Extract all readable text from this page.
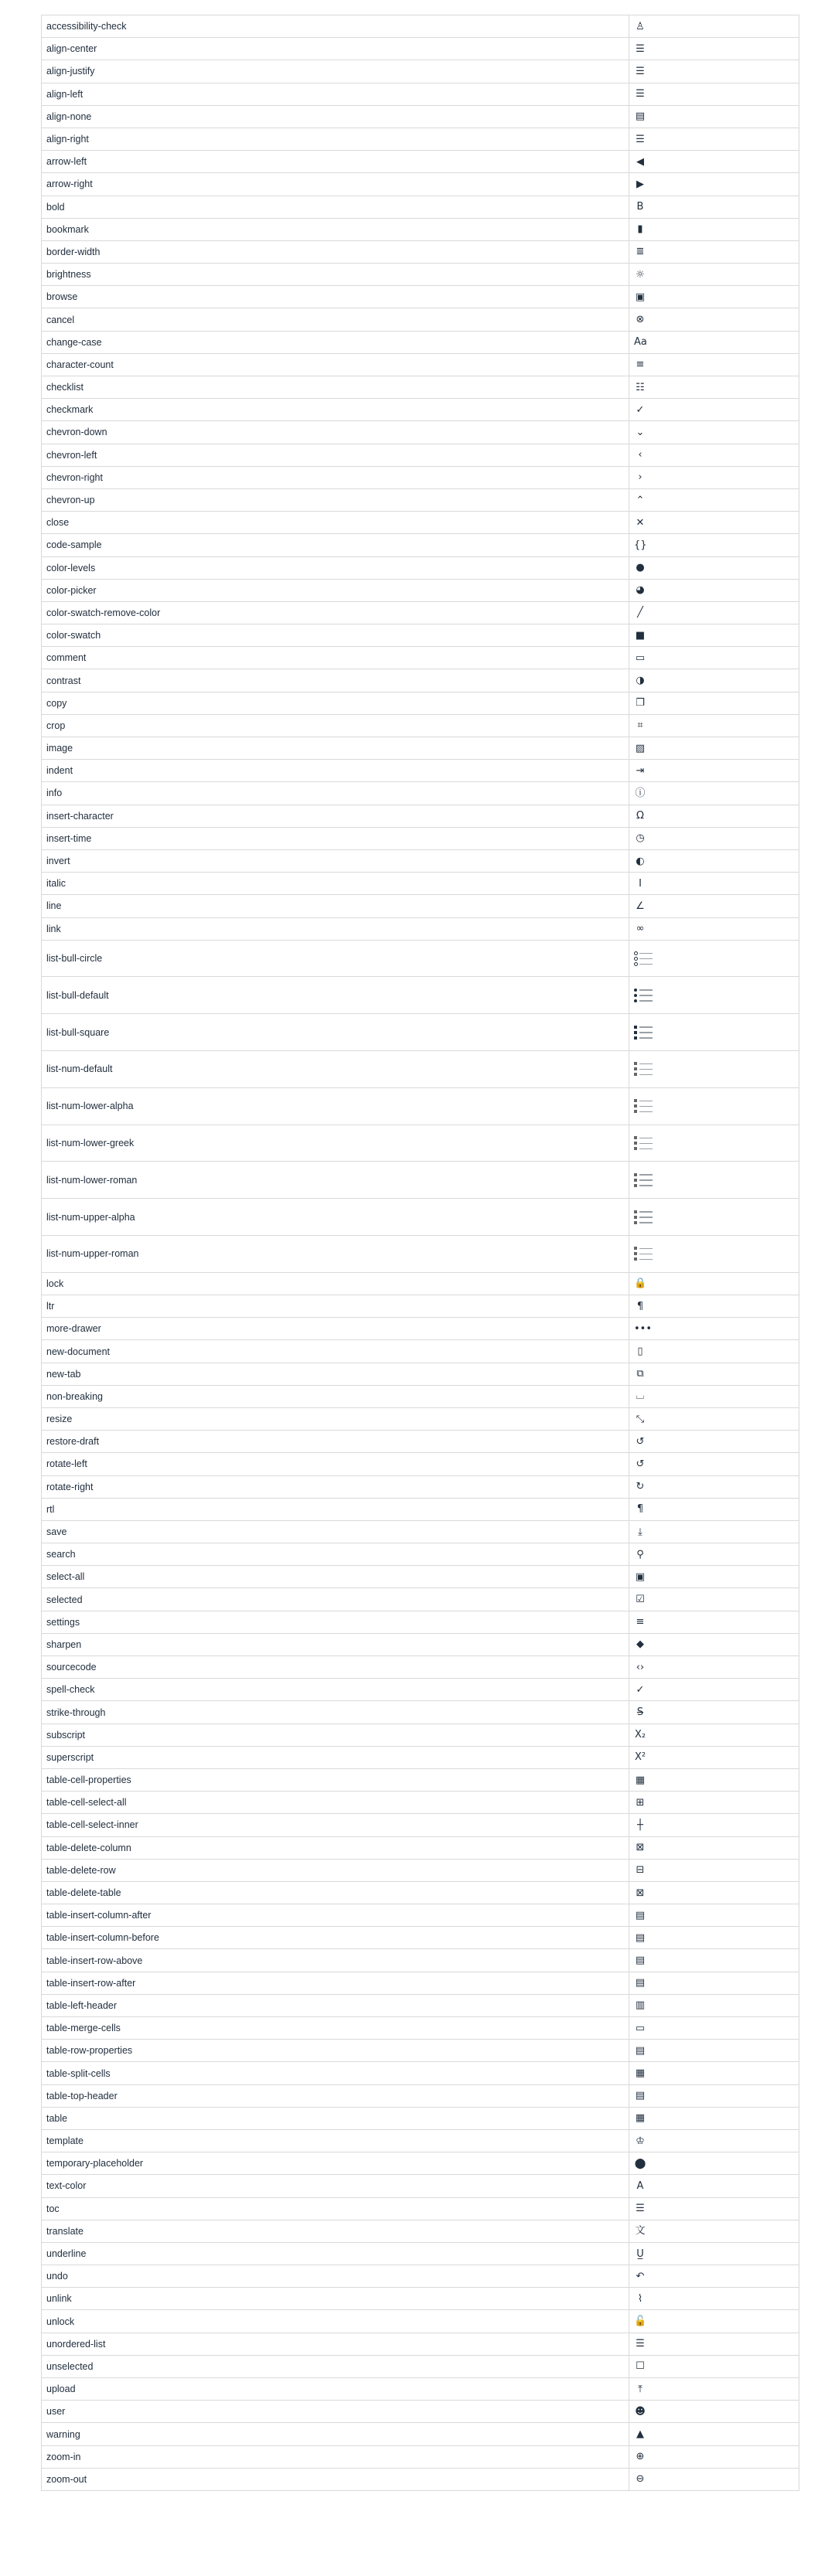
accessibility-check	♙
align-center	☰
align-justify	☰
align-left	☰
align-none	▤
align-right	☰
arrow-left	◀
arrow-right	▶
bold	B
bookmark	▮
border-width	≣
brightness	☼
browse	▣
cancel	⊗
change-case	Aa
character-count	≡
checklist	☷
checkmark	✓
chevron-down	⌄
chevron-left	‹
chevron-right	›
chevron-up	⌃
close	✕
code-sample	{}
color-levels	●
color-picker	◕
color-swatch-remove-color	╱
color-swatch	■
comment	▭
contrast	◑
copy	❐
crop	⌗
image	▨
indent	⇥
info	ⓘ
insert-character	Ω
insert-time	◷
invert	◐
italic	I
line	∠
link	∞
list-bull-circle	

list-bull-default	

list-bull-square	

list-num-default	

list-num-lower-alpha	

list-num-lower-greek	

list-num-lower-roman	

list-num-upper-alpha	

list-num-upper-roman	

lock	🔒
ltr	¶
more-drawer	•••
new-document	▯
new-tab	⧉
non-breaking	⌴
resize	⤡
restore-draft	↺
rotate-left	↺
rotate-right	↻
rtl	¶
save	⤓
search	⚲
select-all	▣
selected	☑
settings	≡
sharpen	◆
sourcecode	‹›
spell-check	✓
strike-through	S̶
subscript	X₂
superscript	X²
table-cell-properties	▦
table-cell-select-all	⊞
table-cell-select-inner	┼
table-delete-column	⊠
table-delete-row	⊟
table-delete-table	⊠
table-insert-column-after	▤
table-insert-column-before	▤
table-insert-row-above	▤
table-insert-row-after	▤
table-left-header	▥
table-merge-cells	▭
table-row-properties	▤
table-split-cells	▦
table-top-header	▤
table	▦
template	♔
temporary-placeholder	⬤
text-color	A
toc	☰
translate	文
underline	U̲
undo	↶
unlink	⌇
unlock	🔓
unordered-list	☰
unselected	☐
upload	⤒
user	☻
warning	▲
zoom-in	⊕
zoom-out	⊖
